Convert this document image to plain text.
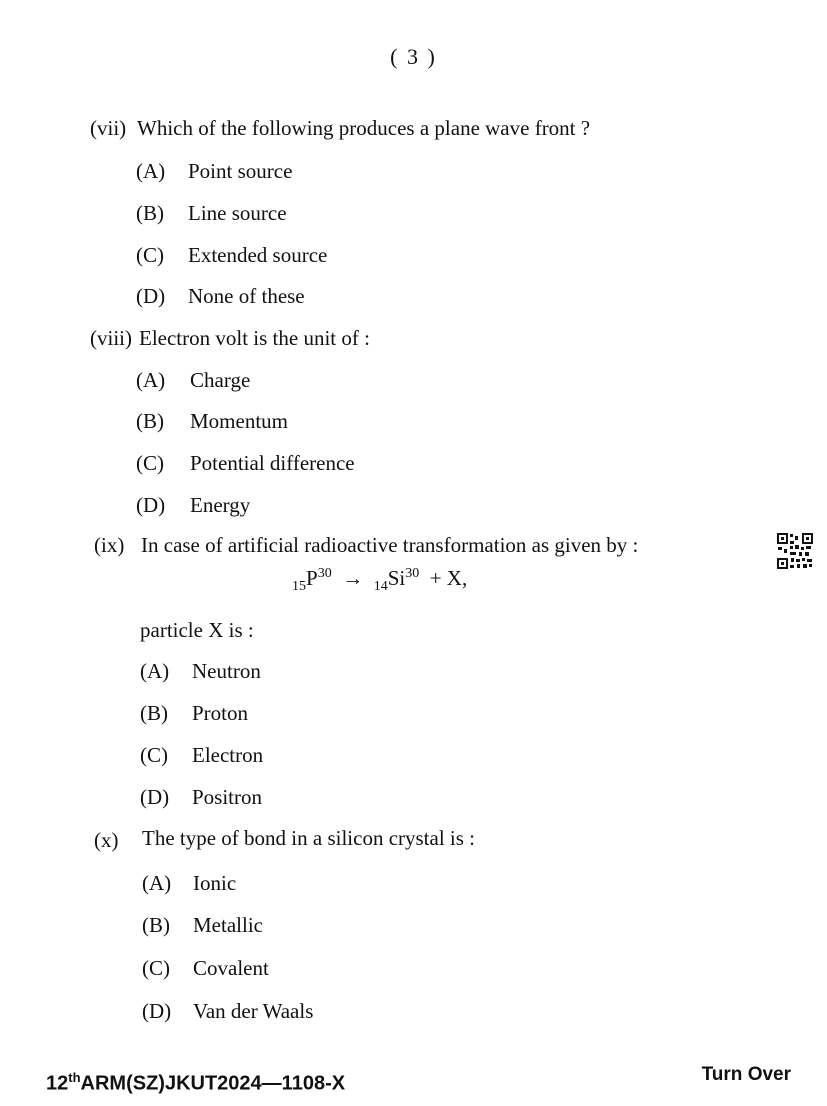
( 3 )
(vii) Which of the following produces a plane wave front ?
(A) Point source
(B) Line source
(C) Extended source
(D) None of these
(viii) Electron volt is the unit of :
(A) Charge
(B) Momentum
(C) Potential difference
(D) Energy
(ix) In case of artificial radioactive transformation as given by :
$_{15}P^{30} \to _{14}Si^{30} + X$,
particle X is :
(A) Neutron
(B) Proton
(C) Electron
(D) Positron
(x) The type of bond in a silicon crystal is :
(A) Ionic
(B) Metallic
(C) Covalent
(D) Van der Waals
12thARM(SZ)JKUT2024—1108-X	Turn Over
